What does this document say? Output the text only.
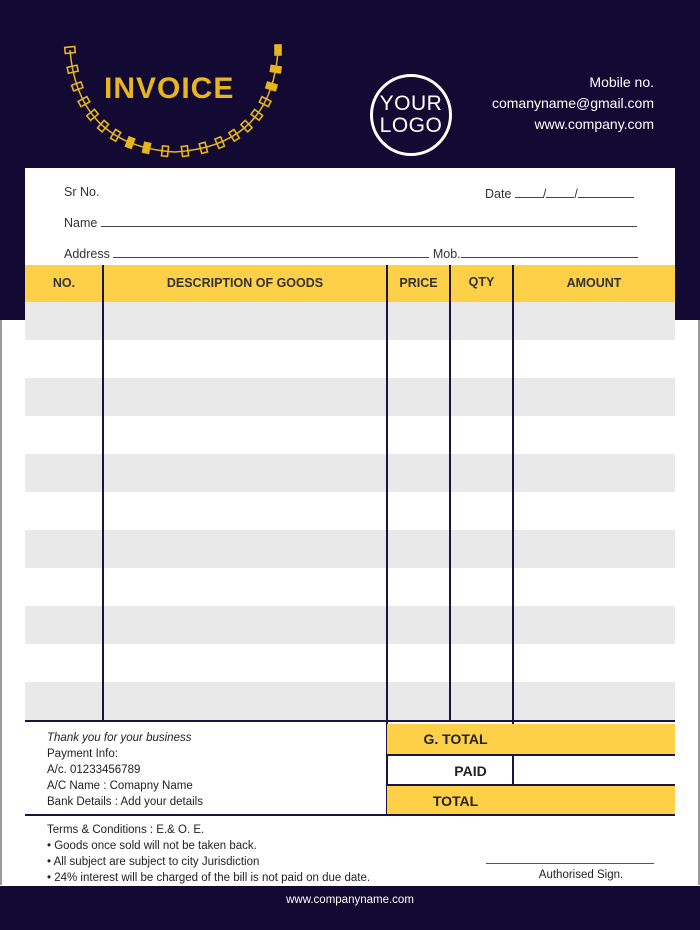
INVOICE	YOUR
LOGO
Mobile no.
comanyname@gmail.com
www.company.com
Sr No.	Date	/ /
Name
Address	Mob.
NO.	DESCRIPTION OF GOODS	PRICE	QTY	AMOUNT
Thank you for your business
Payment Info:
A/c. 01233456789
A/C Name : Comapny Name
Bank Details : Add your details
G. TOTAL
PAID
TOTAL
Terms & Conditions : E.& O. E.
• Goods once sold will not be taken back.
• All subject are subject to city Jurisdiction
• 24% interest will be charged of the bill is not paid on due date.	Authorised Sign.
www.companyname.com
